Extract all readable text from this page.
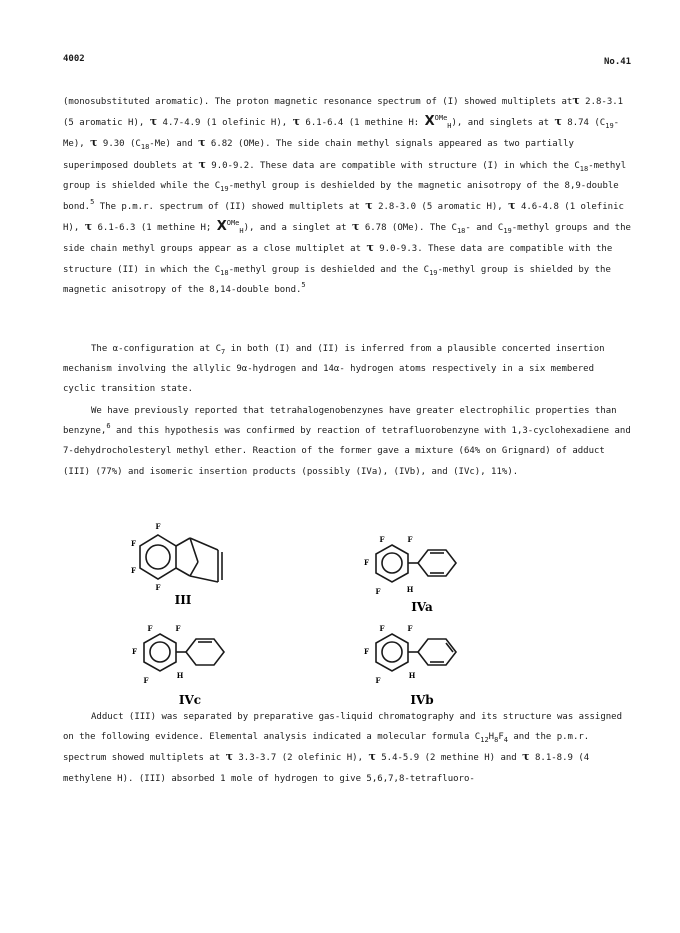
4002	No.41
(monosubstituted aromatic). The proton magnetic resonance spectrum of (I) showed multiplets atτ 2.8-3.1 (5 aromatic H), τ 4.7-4.9 (1 olefinic H), τ 6.1-6.4 (1 methine H: $X^{OMe}_H$), and singlets at τ 8.74 $(C_{19}-Me)$, τ 9.30 $(C_{18}-Me)$ and τ 6.82 (OMe). The side chain methyl signals appeared as two partially superimposed doublets at τ 9.0-9.2. These data are compatible with structure (I) in which the $C_{18}$-methyl group is shielded while the $C_{19}$-methyl group is deshielded by the magnetic anisotropy of the 8,9-double bond.$^5$ The p.m.r. spectrum of (II) showed multiplets at τ 2.8-3.0 (5 aromatic H), τ 4.6-4.8 (1 olefinic H), τ 6.1-6.3 (1 methine H; $X^{OMe}_H$), and a singlet at τ 6.78 (OMe). The $C_{18}-$ and $C_{19}$-methyl groups and the side chain methyl groups appear as a close multiplet at τ 9.0-9.3. These data are compatible with the structure (II) in which the $C_{18}$-methyl group is deshielded and the $C_{19}$-methyl group is shielded by the magnetic anisotropy of the 8,14-double bond.$^5$
The α-configuration at $C_7$ in both (I) and (II) is inferred from a plausible concerted insertion mechanism involving the allylic 9α-hydrogen and 14α- hydrogen atoms respectively in a six membered cyclic transition state.
We have previously reported that tetrahalogenobenzynes have greater electrophilic properties than benzyne,$^6$ and this hypothesis was confirmed by reaction of tetrafluorobenzyne with 1,3-cyclohexadiene and 7-dehydrocholesteryl methyl ether. Reaction of the former gave a mixture (64% on Grignard) of adduct (III) (77%) and isomeric insertion products (possibly (IVa), (IVb), and (IVc), 11%).
F
F
F
F
III
F	F
F
F	H
IVa
F	F
F
F
H
IVc
F	F
F
F
H
IVb
Adduct (III) was separated by preparative gas-liquid chromatography and its structure was assigned on the following evidence. Elemental analysis indicated a molecular formula $C_{12}H_8F_4$ and the p.m.r. spectrum showed multiplets at τ 3.3-3.7 (2 olefinic H), τ 5.4-5.9 (2 methine H) and τ 8.1-8.9 (4 methylene H). (III) absorbed 1 mole of hydrogen to give 5,6,7,8-tetrafluoro-
